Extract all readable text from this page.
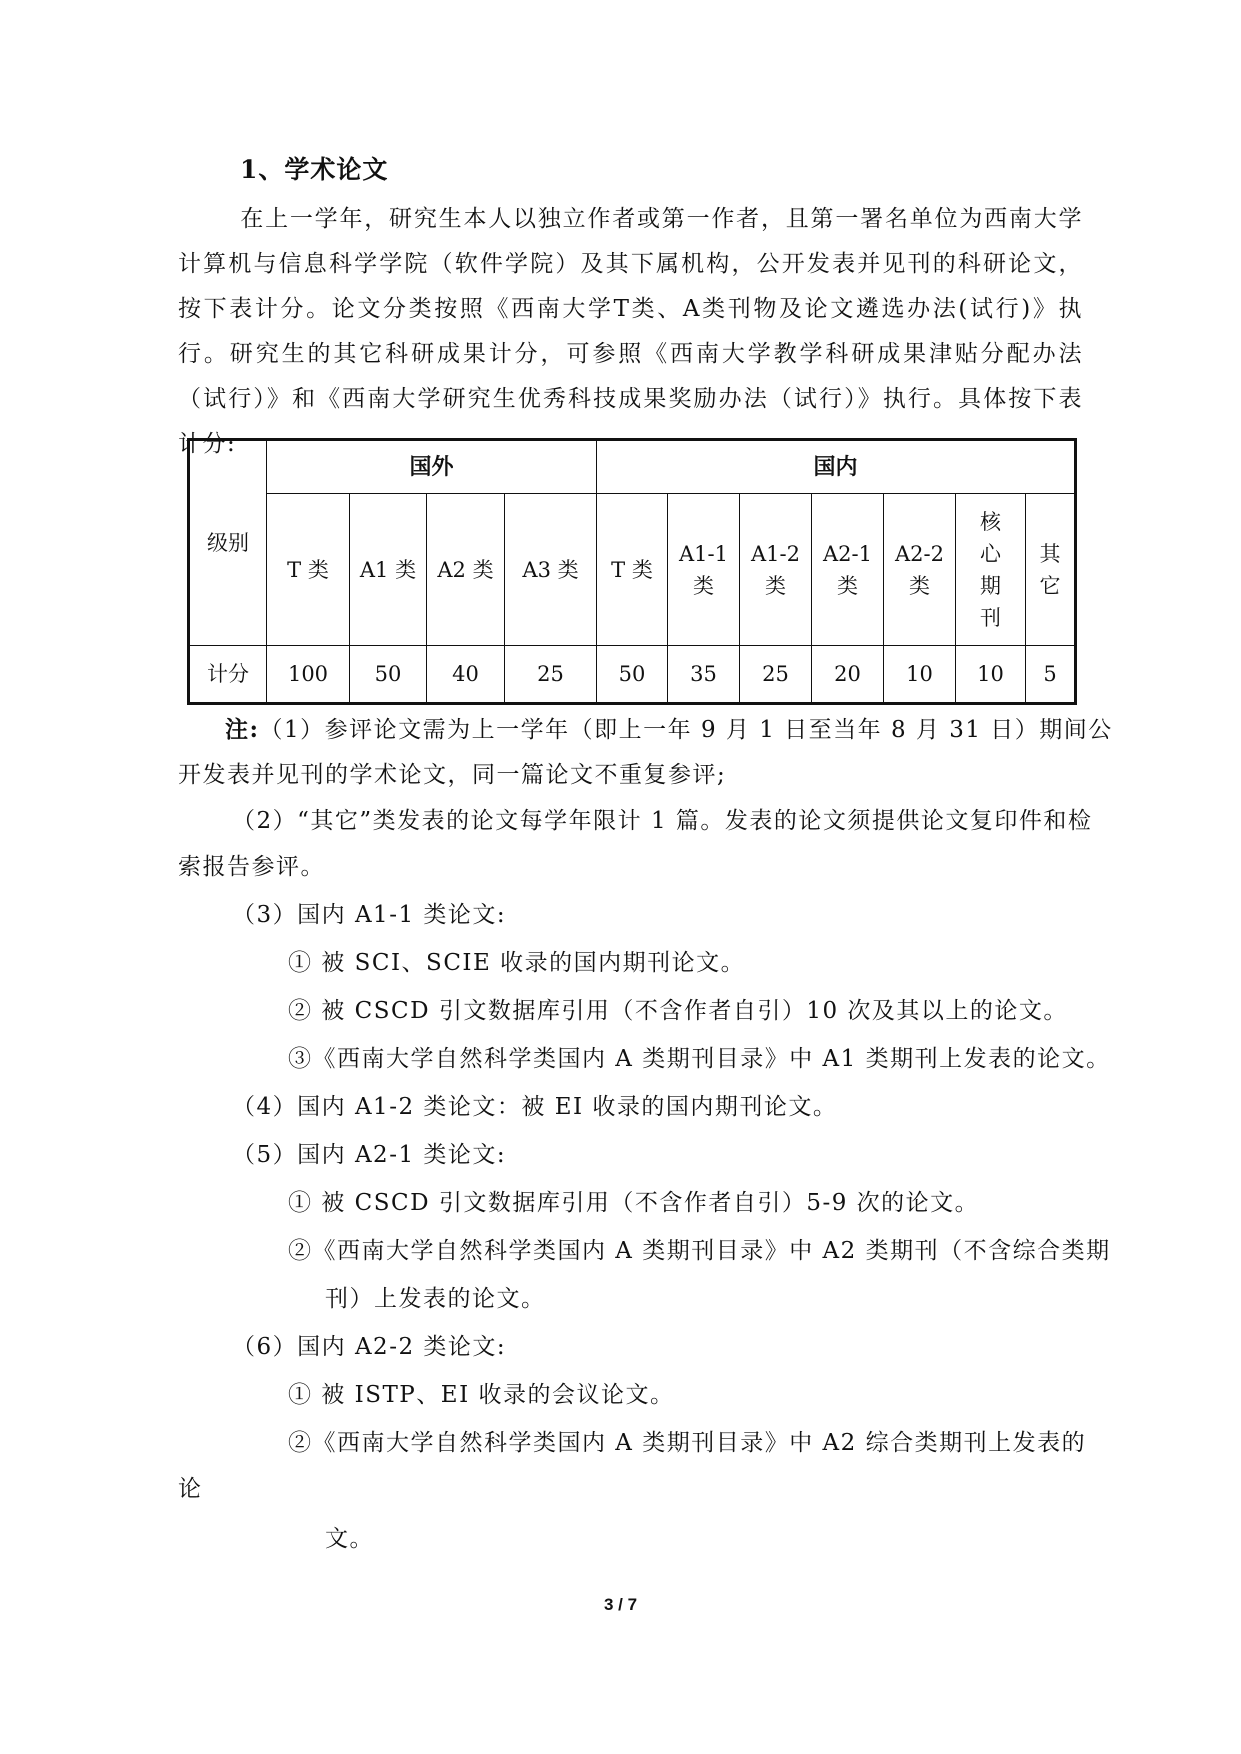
1、学术论文
在上一学年，研究生本人以独立作者或第一作者，且第一署名单位为西南大学计算机与信息科学学院（软件学院）及其下属机构，公开发表并见刊的科研论文，按下表计分。论文分类按照《西南大学T类、A类刊物及论文遴选办法(试行)》执行。研究生的其它科研成果计分，可参照《西南大学教学科研成果津贴分配办法（试行）》和《西南大学研究生优秀科技成果奖励办法（试行）》执行。具体按下表计分:
级别	国外				国内						
	T 类	A1 类	A2 类	A3 类	T 类	A1-1类	A1-2类	A2-1类	A2-2类	核心期刊	其它
计分	100	50	40	25	50	35	25	20	10	10	5
注:（1）参评论文需为上一学年（即上一年 9 月 1 日至当年 8 月 31 日）期间公
开发表并见刊的学术论文，同一篇论文不重复参评;
（2）“其它”类发表的论文每学年限计 1 篇。发表的论文须提供论文复印件和检
索报告参评。
（3）国内 A1-1 类论文:
① 被 SCI、SCIE 收录的国内期刊论文。
② 被 CSCD 引文数据库引用（不含作者自引）10 次及其以上的论文。
③《西南大学自然科学类国内 A 类期刊目录》中 A1 类期刊上发表的论文。
（4）国内 A1-2 类论文：被 EI 收录的国内期刊论文。
（5）国内 A2-1 类论文:
① 被 CSCD 引文数据库引用（不含作者自引）5-9 次的论文。
②《西南大学自然科学类国内 A 类期刊目录》中 A2 类期刊（不含综合类期
刊）上发表的论文。
（6）国内 A2-2 类论文:
① 被 ISTP、EI 收录的会议论文。
②《西南大学自然科学类国内 A 类期刊目录》中 A2 综合类期刊上发表的
论
文。
3 / 7
